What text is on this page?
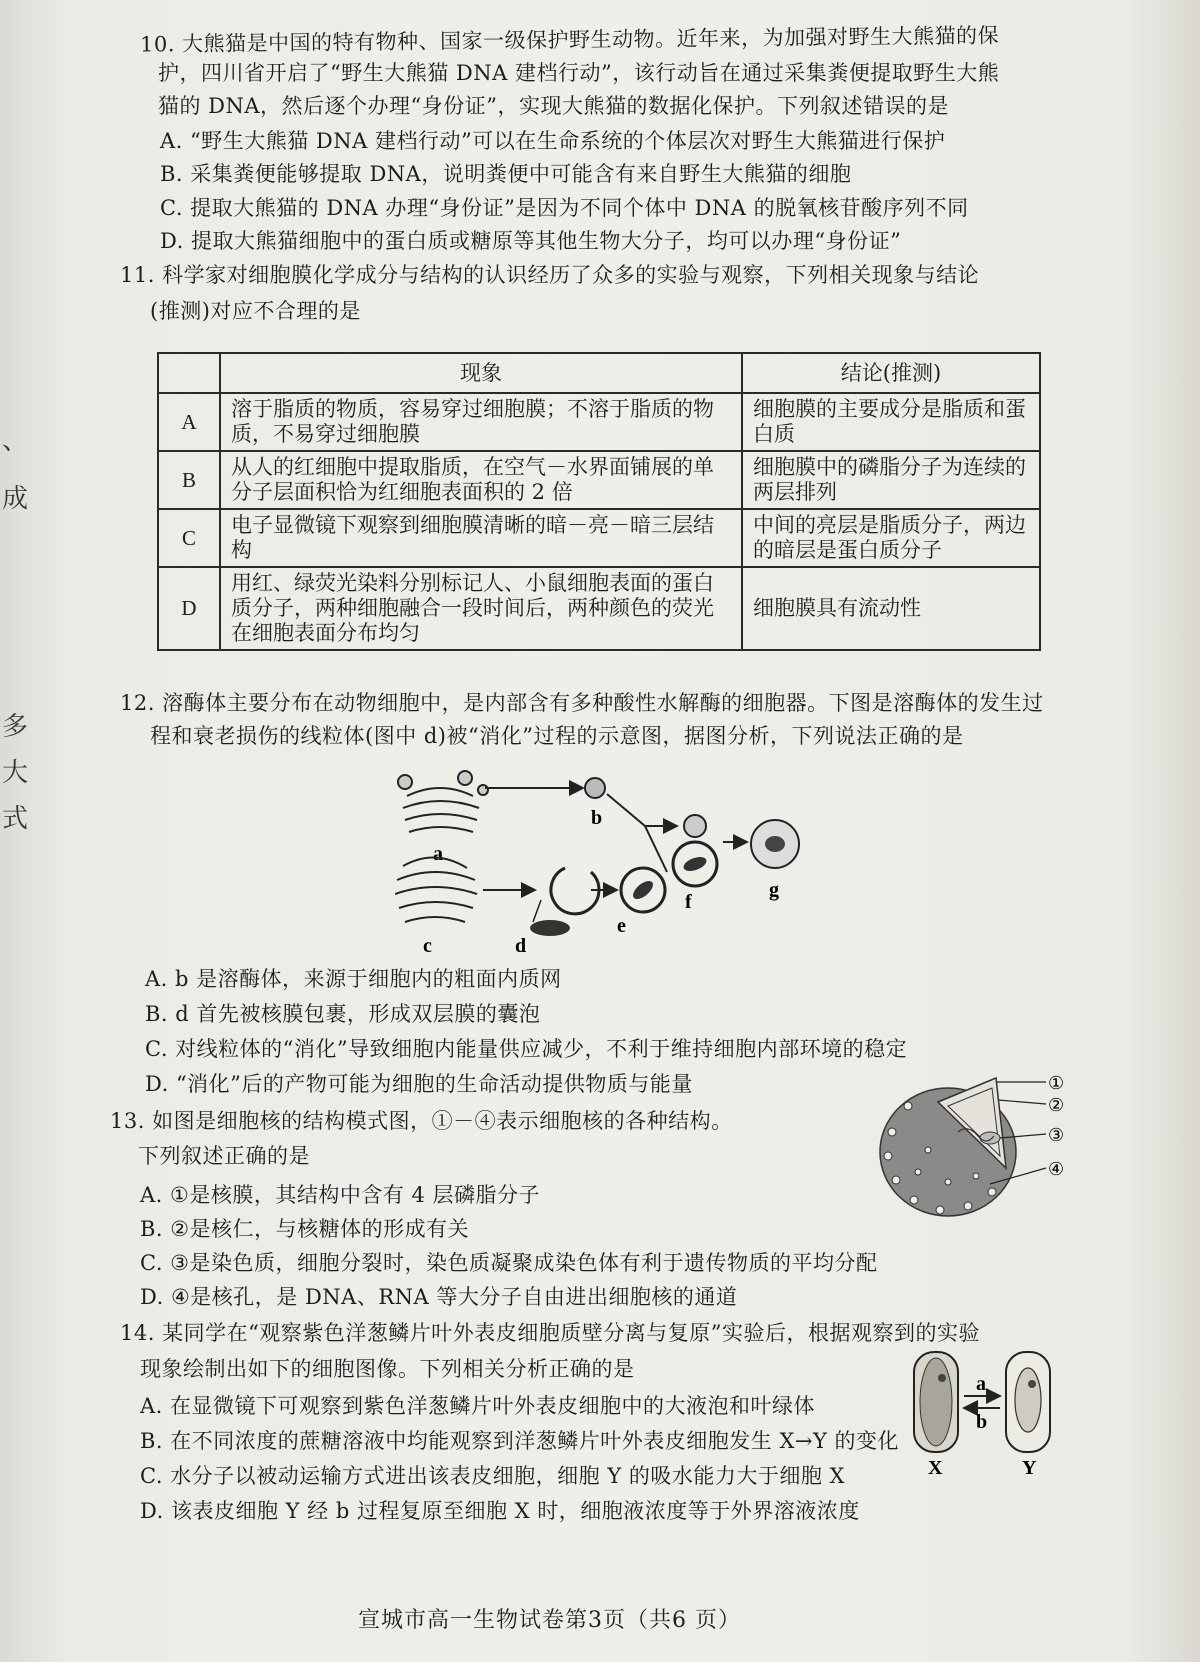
、
成
多
大
式
10. 大熊猫是中国的特有物种、国家一级保护野生动物。近年来，为加强对野生大熊猫的保
护，四川省开启了“野生大熊猫 DNA 建档行动”，该行动旨在通过采集粪便提取野生大熊
猫的 DNA，然后逐个办理“身份证”，实现大熊猫的数据化保护。下列叙述错误的是
A. “野生大熊猫 DNA 建档行动”可以在生命系统的个体层次对野生大熊猫进行保护
B. 采集粪便能够提取 DNA，说明粪便中可能含有来自野生大熊猫的细胞
C. 提取大熊猫的 DNA 办理“身份证”是因为不同个体中 DNA 的脱氧核苷酸序列不同
D. 提取大熊猫细胞中的蛋白质或糖原等其他生物大分子，均可以办理“身份证”
11. 科学家对细胞膜化学成分与结构的认识经历了众多的实验与观察，下列相关现象与结论
(推测)对应不合理的是
	现象	结论(推测)
A	溶于脂质的物质，容易穿过细胞膜；不溶于脂质的物质，不易穿过细胞膜	细胞膜的主要成分是脂质和蛋白质
B	从人的红细胞中提取脂质，在空气－水界面铺展的单分子层面积恰为红细胞表面积的 2 倍	细胞膜中的磷脂分子为连续的两层排列
C	电子显微镜下观察到细胞膜清晰的暗－亮－暗三层结构	中间的亮层是脂质分子，两边的暗层是蛋白质分子
D	用红、绿荧光染料分别标记人、小鼠细胞表面的蛋白质分子，两种细胞融合一段时间后，两种颜色的荧光在细胞表面分布均匀	细胞膜具有流动性
12. 溶酶体主要分布在动物细胞中，是内部含有多种酸性水解酶的细胞器。下图是溶酶体的发生过
程和衰老损伤的线粒体(图中 d)被“消化”过程的示意图，据图分析，下列说法正确的是
a
b
c	d
e
f
g
A. b 是溶酶体，来源于细胞内的粗面内质网
B. d 首先被核膜包裹，形成双层膜的囊泡
C. 对线粒体的“消化”导致细胞内能量供应减少，不利于维持细胞内部环境的稳定
D. “消化”后的产物可能为细胞的生命活动提供物质与能量
13. 如图是细胞核的结构模式图，①－④表示细胞核的各种结构。
下列叙述正确的是
A. ①是核膜，其结构中含有 4 层磷脂分子
B. ②是核仁，与核糖体的形成有关
C. ③是染色质，细胞分裂时，染色质凝聚成染色体有利于遗传物质的平均分配
D. ④是核孔，是 DNA、RNA 等大分子自由进出细胞核的通道
①
②
③
④
14. 某同学在“观察紫色洋葱鳞片叶外表皮细胞质壁分离与复原”实验后，根据观察到的实验
现象绘制出如下的细胞图像。下列相关分析正确的是
A. 在显微镜下可观察到紫色洋葱鳞片叶外表皮细胞中的大液泡和叶绿体
B. 在不同浓度的蔗糖溶液中均能观察到洋葱鳞片叶外表皮细胞发生 X→Y 的变化
C. 水分子以被动运输方式进出该表皮细胞，细胞 Y 的吸水能力大于细胞 X
D. 该表皮细胞 Y 经 b 过程复原至细胞 X 时，细胞液浓度等于外界溶液浓度
a
b
X	Y
宣城市高一生物试卷第3页（共6 页）
